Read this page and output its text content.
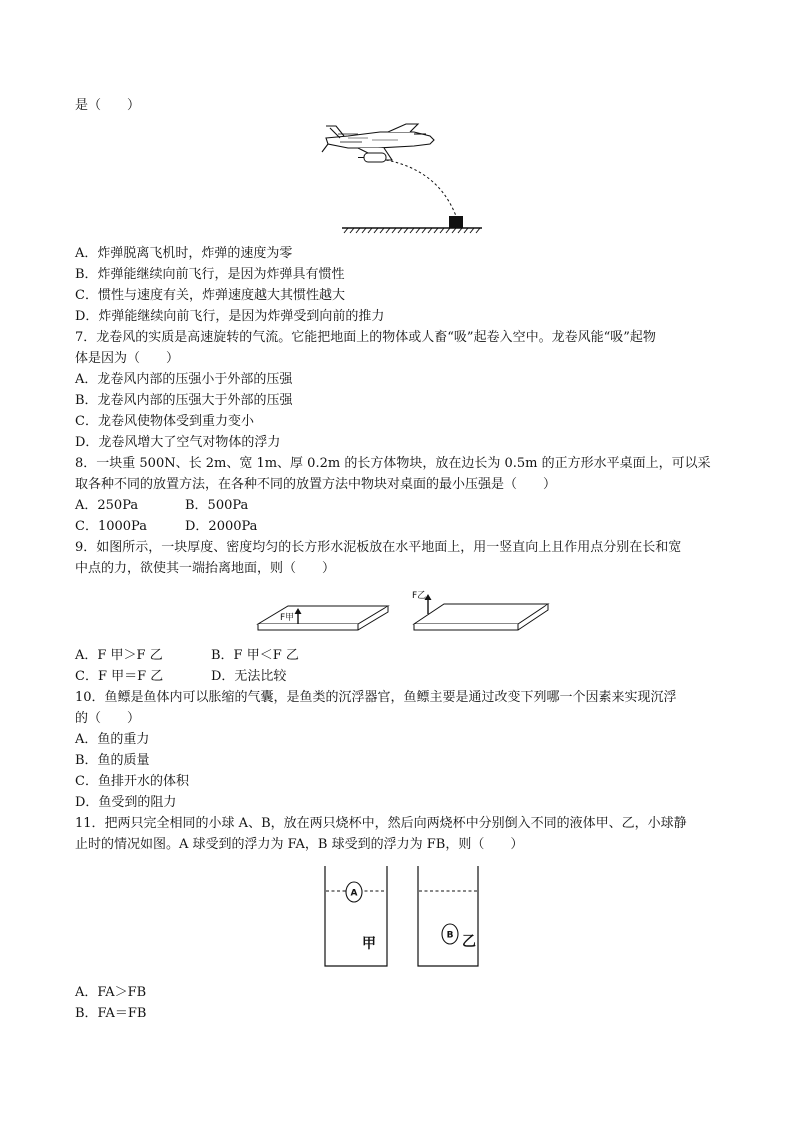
是（　　）
A．炸弹脱离飞机时，炸弹的速度为零
B．炸弹能继续向前飞行，是因为炸弹具有惯性
C．惯性与速度有关，炸弹速度越大其惯性越大
D．炸弹能继续向前飞行，是因为炸弹受到向前的推力
7．龙卷风的实质是高速旋转的气流。它能把地面上的物体或人畜“吸”起卷入空中。龙卷风能“吸”起物
体是因为（　　）
A．龙卷风内部的压强小于外部的压强
B．龙卷风内部的压强大于外部的压强
C．龙卷风使物体受到重力变小
D．龙卷风增大了空气对物体的浮力
8．一块重 500N、长 2m、宽 1m、厚 0.2m 的长方体物块，放在边长为 0.5m 的正方形水平桌面上，可以采
取各种不同的放置方法，在各种不同的放置方法中物块对桌面的最小压强是（　　）
A．250Pa	B．500Pa
C．1000Pa	D．2000Pa
9．如图所示，一块厚度、密度均匀的长方形水泥板放在水平地面上，用一竖直向上且作用点分别在长和宽
中点的力，欲使其一端抬离地面，则（　　）
F甲
F乙
A．F 甲＞F 乙	B．F 甲＜F 乙
C．F 甲＝F 乙	D．无法比较
10．鱼鳔是鱼体内可以胀缩的气囊，是鱼类的沉浮器官，鱼鳔主要是通过改变下列哪一个因素来实现沉浮
的（　　）
A．鱼的重力
B．鱼的质量
C．鱼排开水的体积
D．鱼受到的阻力
11．把两只完全相同的小球 A、B，放在两只烧杯中，然后向两烧杯中分别倒入不同的液体甲、乙，小球静
止时的情况如图。A 球受到的浮力为 FA，B 球受到的浮力为 FB，则（　　）
A
甲
B 乙
A．FA＞FB
B．FA＝FB
